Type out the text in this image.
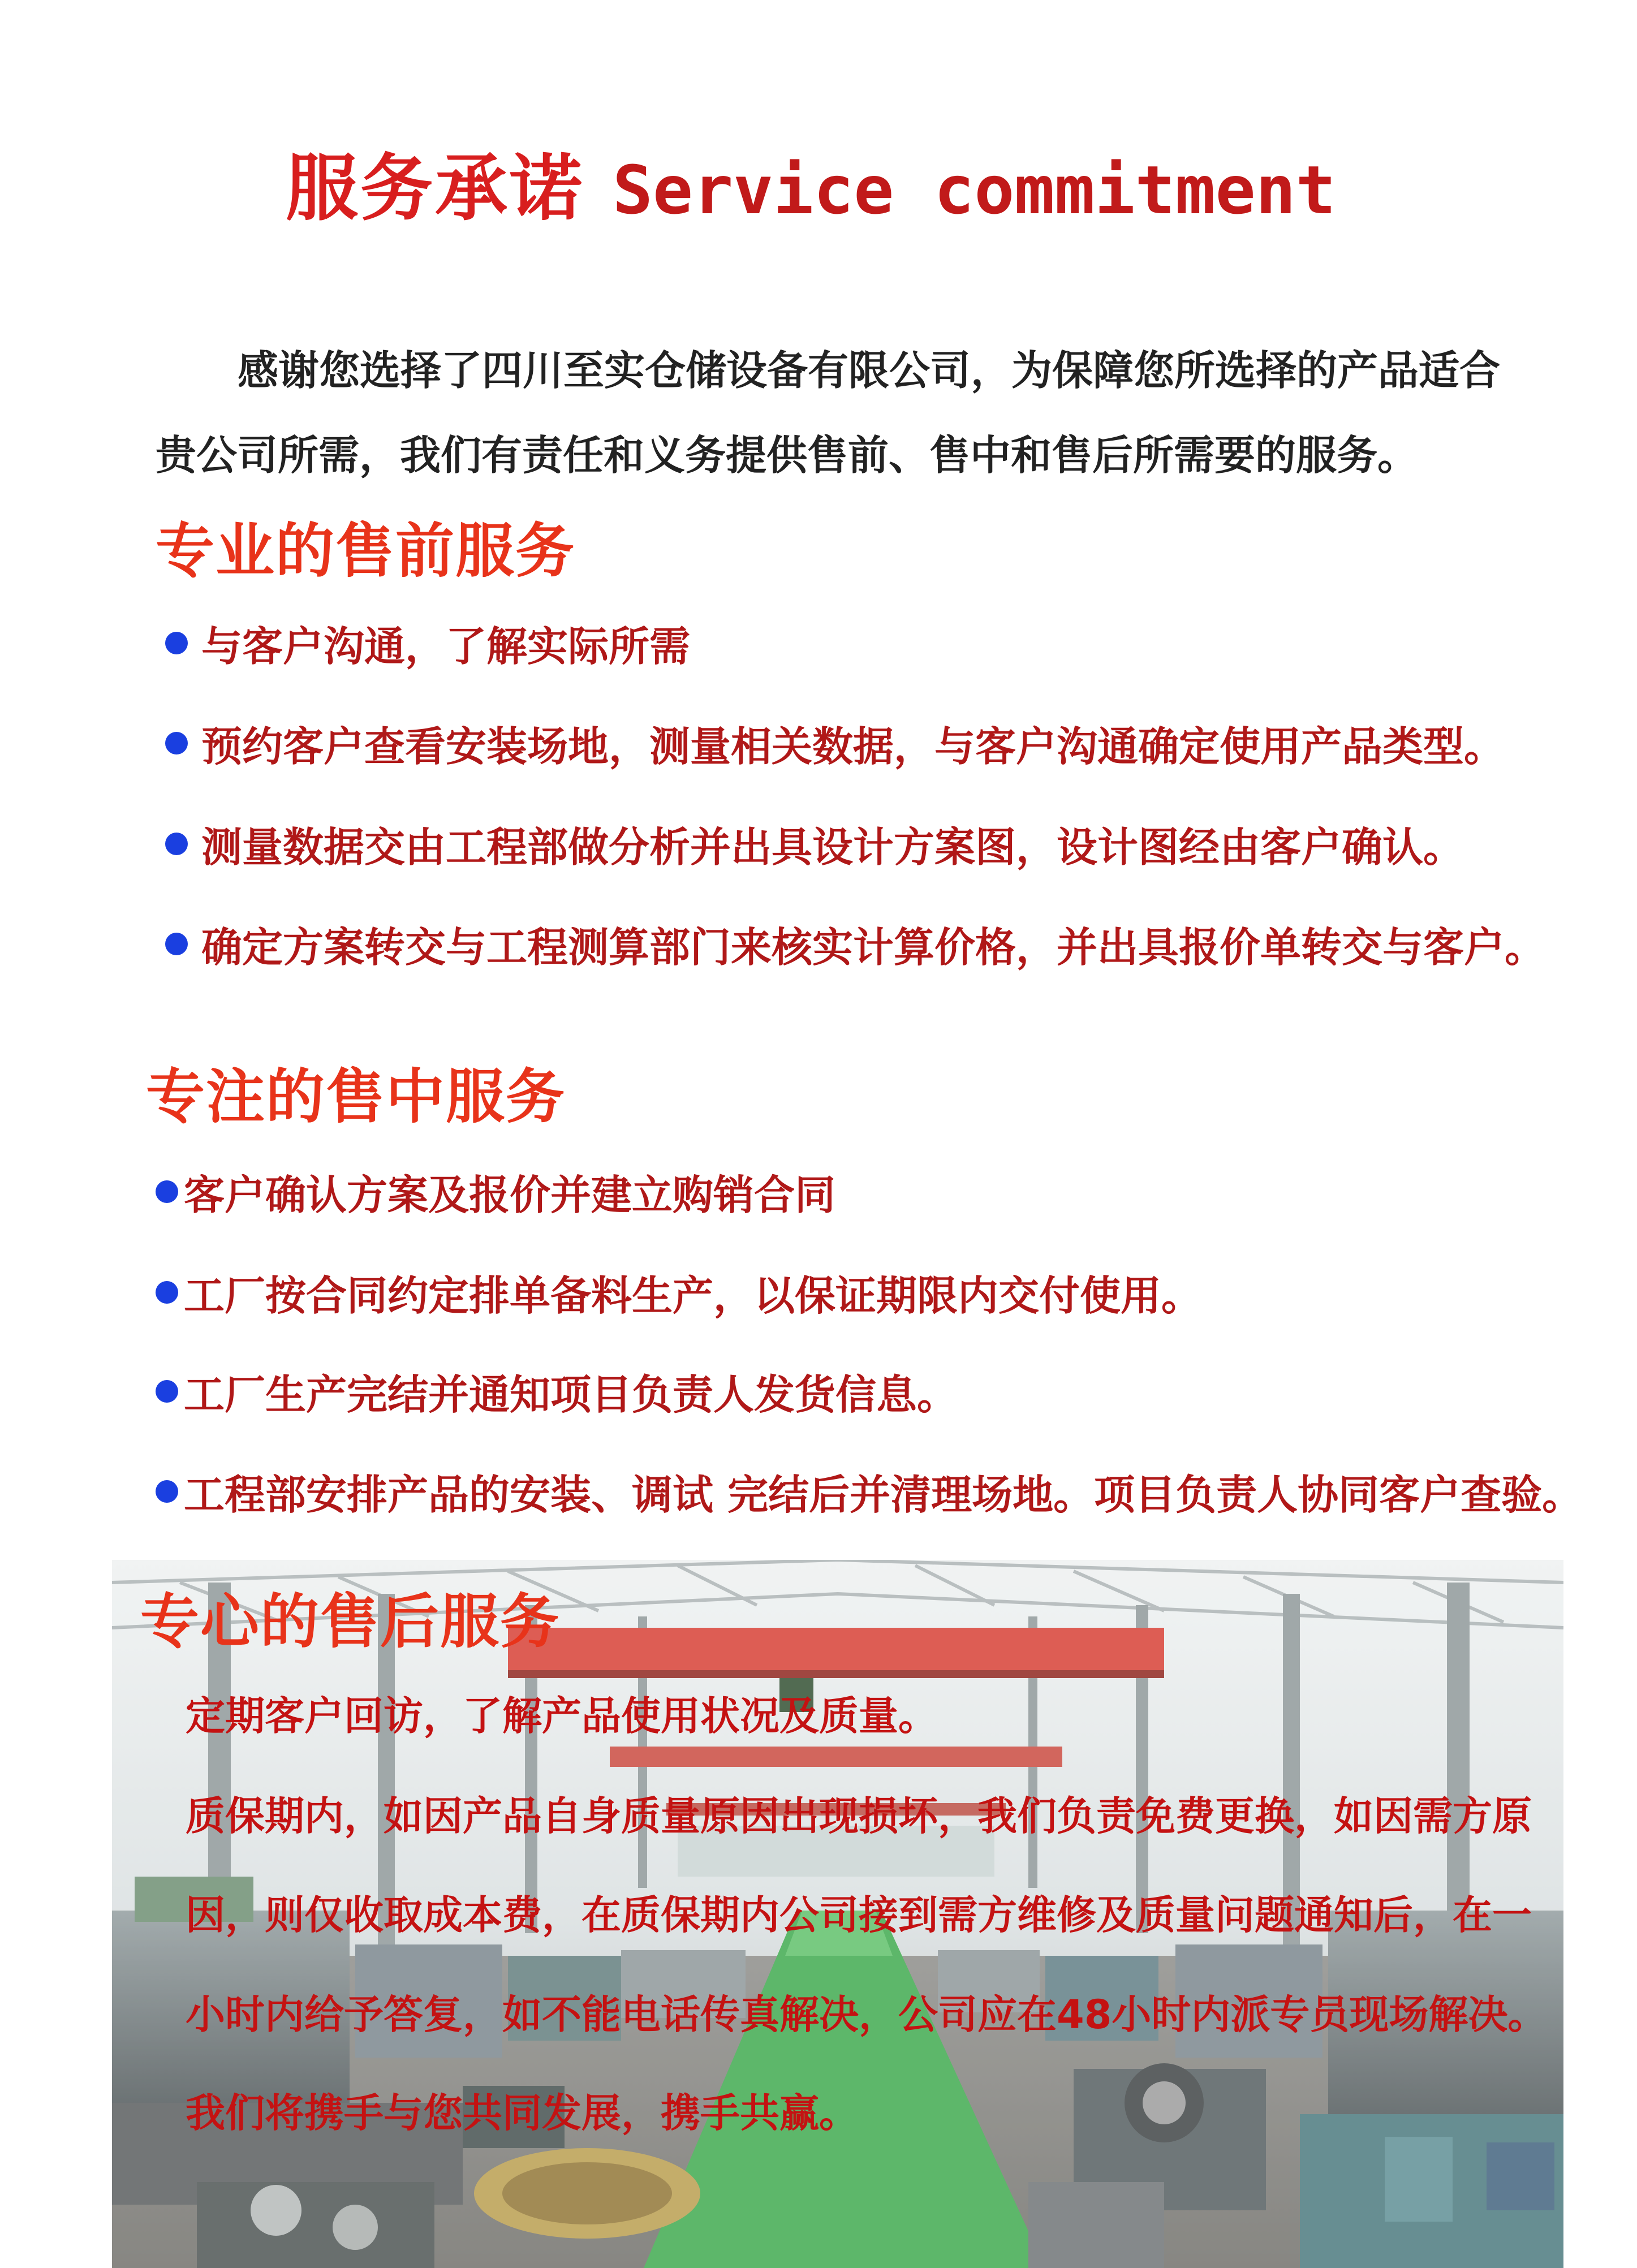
服务承诺 Service commitment

感谢您选择了四川至实仓储设备有限公司，为保障您所选择的产品适合

贵公司所需，我们有责任和义务提供售前、售中和售后所需要的服务。

专业的售前服务
与客户沟通，了解实际所需
预约客户查看安装场地，测量相关数据，与客户沟通确定使用产品类型。
测量数据交由工程部做分析并出具设计方案图，设计图经由客户确认。
确定方案转交与工程测算部门来核实计算价格，并出具报价单转交与客户。
专注的售中服务
客户确认方案及报价并建立购销合同
工厂按合同约定排单备料生产，以保证期限内交付使用。
工厂生产完结并通知项目负责人发货信息。
工程部安排产品的安装、调试 完结后并清理场地。项目负责人协同客户查验。
专心的售后服务
定期客户回访，了解产品使用状况及质量。
质保期内，如因产品自身质量原因出现损坏，我们负责免费更换，如因需方原
因，则仅收取成本费，在质保期内公司接到需方维修及质量问题通知后，在一
小时内给予答复，如不能电话传真解决，公司应在48小时内派专员现场解决。
我们将携手与您共同发展，携手共赢。
